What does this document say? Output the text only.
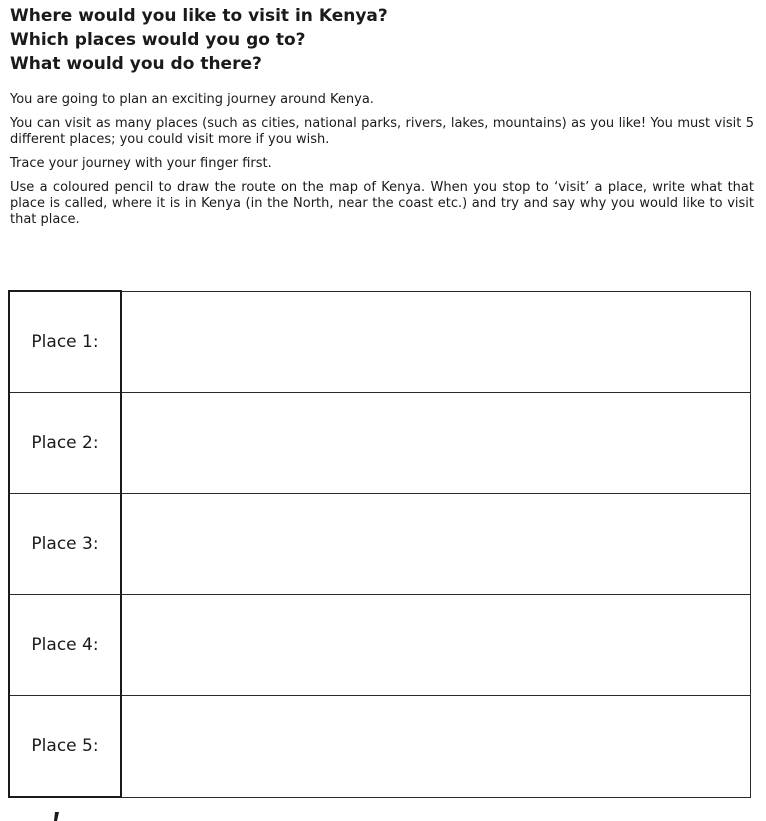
Where would you like to visit in Kenya?
Which places would you go to?
What would you do there?

You are going to plan an exciting journey around Kenya.

You can visit as many places (such as cities, national parks, rivers, lakes, mountains) as you like! You must visit 5 different places; you could visit more if you wish.

Trace your journey with your finger first.

Use a coloured pencil to draw the route on the map of Kenya. When you stop to ‘visit’ a place, write what that place is called, where it is in Kenya (in the North, near the coast etc.) and try and say why you would like to visit that place.

Place 1:	
Place 2:	
Place 3:	
Place 4:	
Place 5:	
